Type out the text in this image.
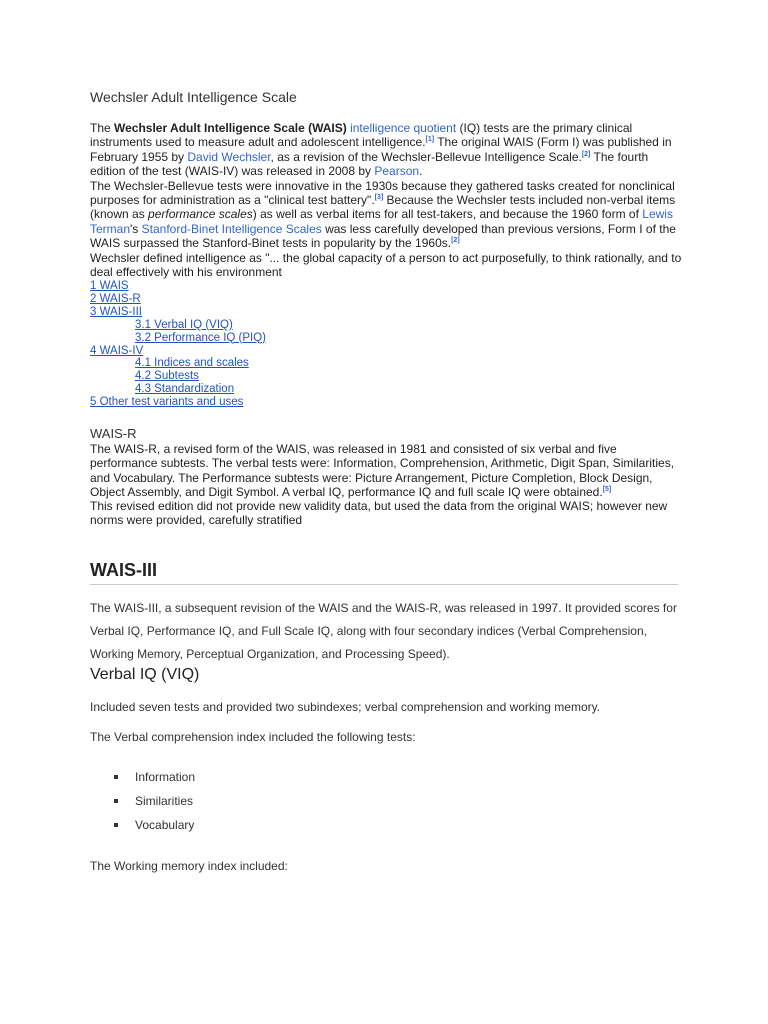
Wechsler Adult Intelligence Scale

The Wechsler Adult Intelligence Scale (WAIS) intelligence quotient (IQ) tests are the primary clinical instruments used to measure adult and adolescent intelligence.[1] The original WAIS (Form I) was published in February 1955 by David Wechsler, as a revision of the Wechsler-Bellevue Intelligence Scale.[2] The fourth edition of the test (WAIS-IV) was released in 2008 by Pearson.

The Wechsler-Bellevue tests were innovative in the 1930s because they gathered tasks created for nonclinical purposes for administration as a "clinical test battery".[3] Because the Wechsler tests included non-verbal items (known as performance scales) as well as verbal items for all test-takers, and because the 1960 form of Lewis Terman's Stanford-Binet Intelligence Scales was less carefully developed than previous versions, Form I of the WAIS surpassed the Stanford-Binet tests in popularity by the 1960s.[2]

Wechsler defined intelligence as "... the global capacity of a person to act purposefully, to think rationally, and to deal effectively with his environment

1 WAIS
2 WAIS-R
3 WAIS-III
3.1 Verbal IQ (VIQ)
3.2 Performance IQ (PIQ)
4 WAIS-IV
4.1 Indices and scales
4.2 Subtests
4.3 Standardization
5 Other test variants and uses
WAIS-R

The WAIS-R, a revised form of the WAIS, was released in 1981 and consisted of six verbal and five performance subtests. The verbal tests were: Information, Comprehension, Arithmetic, Digit Span, Similarities, and Vocabulary. The Performance subtests were: Picture Arrangement, Picture Completion, Block Design, Object Assembly, and Digit Symbol. A verbal IQ, performance IQ and full scale IQ were obtained.[5]

This revised edition did not provide new validity data, but used the data from the original WAIS; however new norms were provided, carefully stratified

WAIS-III
The WAIS-III, a subsequent revision of the WAIS and the WAIS-R, was released in 1997. It provided scores for Verbal IQ, Performance IQ, and Full Scale IQ, along with four secondary indices (Verbal Comprehension, Working Memory, Perceptual Organization, and Processing Speed).
Verbal IQ (VIQ)
Included seven tests and provided two subindexes; verbal comprehension and working memory.
The Verbal comprehension index included the following tests:
Information
Similarities
Vocabulary
The Working memory index included:
